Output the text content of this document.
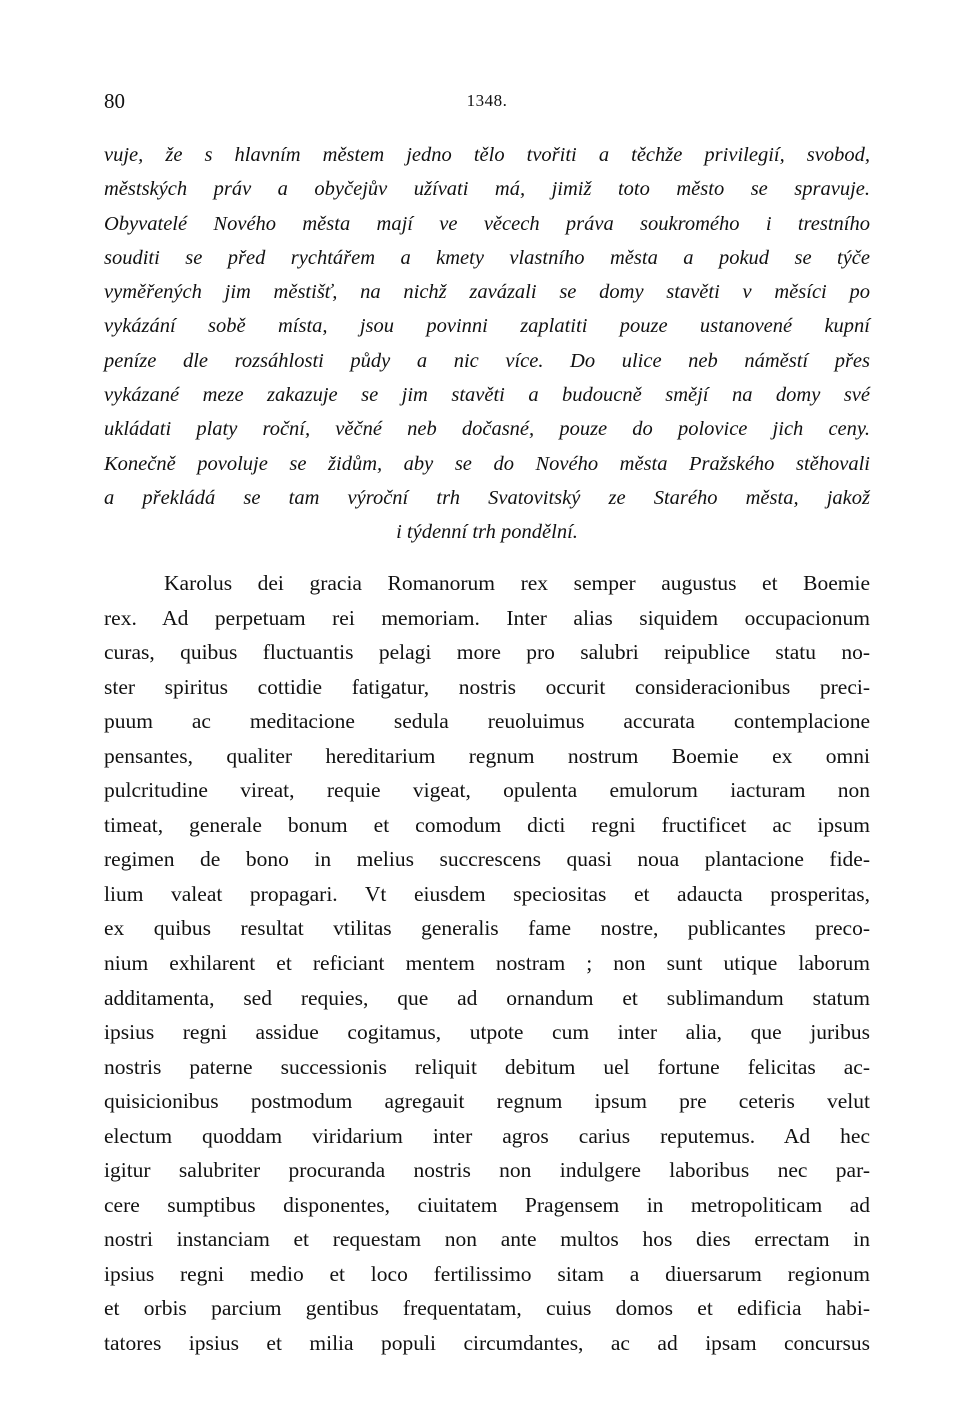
80	1348.
vuje, že s hlavním městem jedno tělo tvořiti a těchže privilegií, svobod,
městských práv a obyčejův užívati má, jimiž toto město se spravuje.
Obyvatelé Nového města mají ve věcech práva soukromého i trestního
souditi se před rychtářem a kmety vlastního města a pokud se týče
vyměřených jim městišť, na nichž zavázali se domy stavěti v měsíci po
vykázání sobě místa, jsou povinni zaplatiti pouze ustanovené kupní
peníze dle rozsáhlosti půdy a nic více. Do ulice neb náměstí přes
vykázané meze zakazuje se jim stavěti a budoucně smějí na domy své
ukládati platy roční, věčné neb dočasné, pouze do polovice jich ceny.
Konečně povoluje se židům, aby se do Nového města Pražského stěhovali
a překládá se tam výroční trh Svatovitský ze Starého města, jakož
i týdenní trh pondělní.
Karolus dei gracia Romanorum rex semper augustus et Boemie
rex. Ad perpetuam rei memoriam. Inter alias siquidem occupacionum
curas, quibus fluctuantis pelagi more pro salubri reipublice statu no-
ster spiritus cottidie fatigatur, nostris occurit consideracionibus preci-
puum ac meditacione sedula reuoluimus accurata contemplacione
pensantes, qualiter hereditarium regnum nostrum Boemie ex omni
pulcritudine vireat, requie vigeat, opulenta emulorum iacturam non
timeat, generale bonum et comodum dicti regni fructificet ac ipsum
regimen de bono in melius succrescens quasi noua plantacione fide-
lium valeat propagari. Vt eiusdem speciositas et adaucta prosperitas,
ex quibus resultat vtilitas generalis fame nostre, publicantes preco-
nium exhilarent et reficiant mentem nostram ; non sunt utique laborum
additamenta, sed requies, que ad ornandum et sublimandum statum
ipsius regni assidue cogitamus, utpote cum inter alia, que juribus
nostris paterne successionis reliquit debitum uel fortune felicitas ac-
quisicionibus postmodum agregauit regnum ipsum pre ceteris velut
electum quoddam viridarium inter agros carius reputemus. Ad hec
igitur salubriter procuranda nostris non indulgere laboribus nec par-
cere sumptibus disponentes, ciuitatem Pragensem in metropoliticam ad
nostri instanciam et requestam non ante multos hos dies errectam in
ipsius regni medio et loco fertilissimo sitam a diuersarum regionum
et orbis parcium gentibus frequentatam, cuius domos et edificia habi-
tatores ipsius et milia populi circumdantes, ac ad ipsam concursus
